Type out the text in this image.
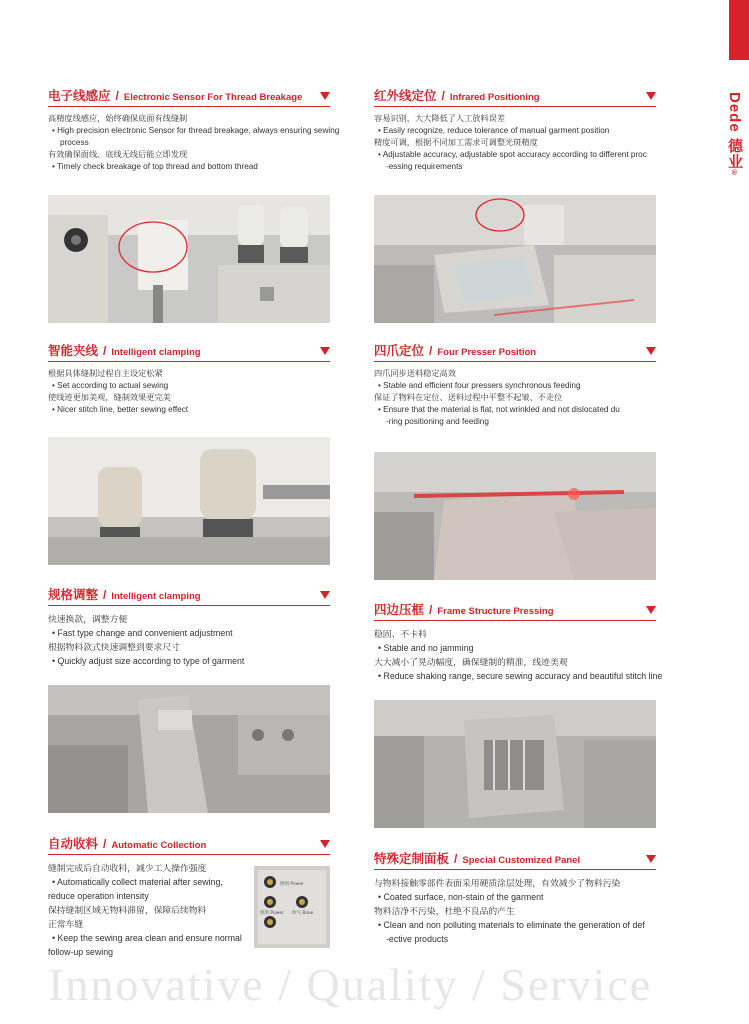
Dede 德业®
电子线感应 / Electronic Sensor For Thread Breakage
高精度线感应，始终确保底面有线缝制
• High precision electronic Sensor for thread breakage, always ensuring sewing
process
有效确保面线、底线无线后能立即发现
• Timely check breakage of top thread and bottom thread
红外线定位 / Infrared Positioning
容易识别，大大降低了人工放料误差
• Easily recognize, reduce tolerance of manual garment position
精度可调，根据不同加工需求可调整光斑精度
• Adjustable accuracy, adjustable spot accuracy according to different proc
-essing requirements
智能夹线 / Intelligent clamping
根据具体缝制过程自主设定松紧
• Set according to actual sewing
使线迹更加美观，缝制效果更完美
• Nicer stitch line, better sewing effect
四爪定位 / Four Presser Position
四爪同步送料稳定高效
• Stable and efficient four pressers synchronous feeding
保证了物料在定位、送料过程中平整不起皱、不走位
• Ensure that the material is flat, not wrinkled and not dislocated du
-ring positioning and feeding
规格调整 / Intelligent clamping
快速换款，调整方便
• Fast type change and convenient adjustment
根据物料款式快速调整到要求尺寸
• Quickly adjust size according to type of garment
四边压框 / Frame Structure Pressing
稳固、不卡料
• Stable and no jamming
大大减小了晃动幅度，确保缝制的精准，线迹美观
• Reduce shaking range, secure sewing accuracy and beautiful stitch line
自动收料 / Automatic Collection
缝制完成后自动收料，减少工人操作强度
• Automatically collect material after sewing,
reduce operation intensity
保持缝制区域无物料滞留，保障后续物料
正常车缝
• Keep the sewing area clean and ensure normal
follow-up sewing
照明 Power
照明 Power 吹气 Blow
特殊定制面板 / Special Customized Panel
与物料接触零部件表面采用硬质涂层处理，有效减少了物料污染
• Coated surface, non-stain of the garment
物料洁净不污染，杜绝不良品的产生
• Clean and non polluting materials to eliminate the generation of def
-ective products
Innovative / Quality / Service
